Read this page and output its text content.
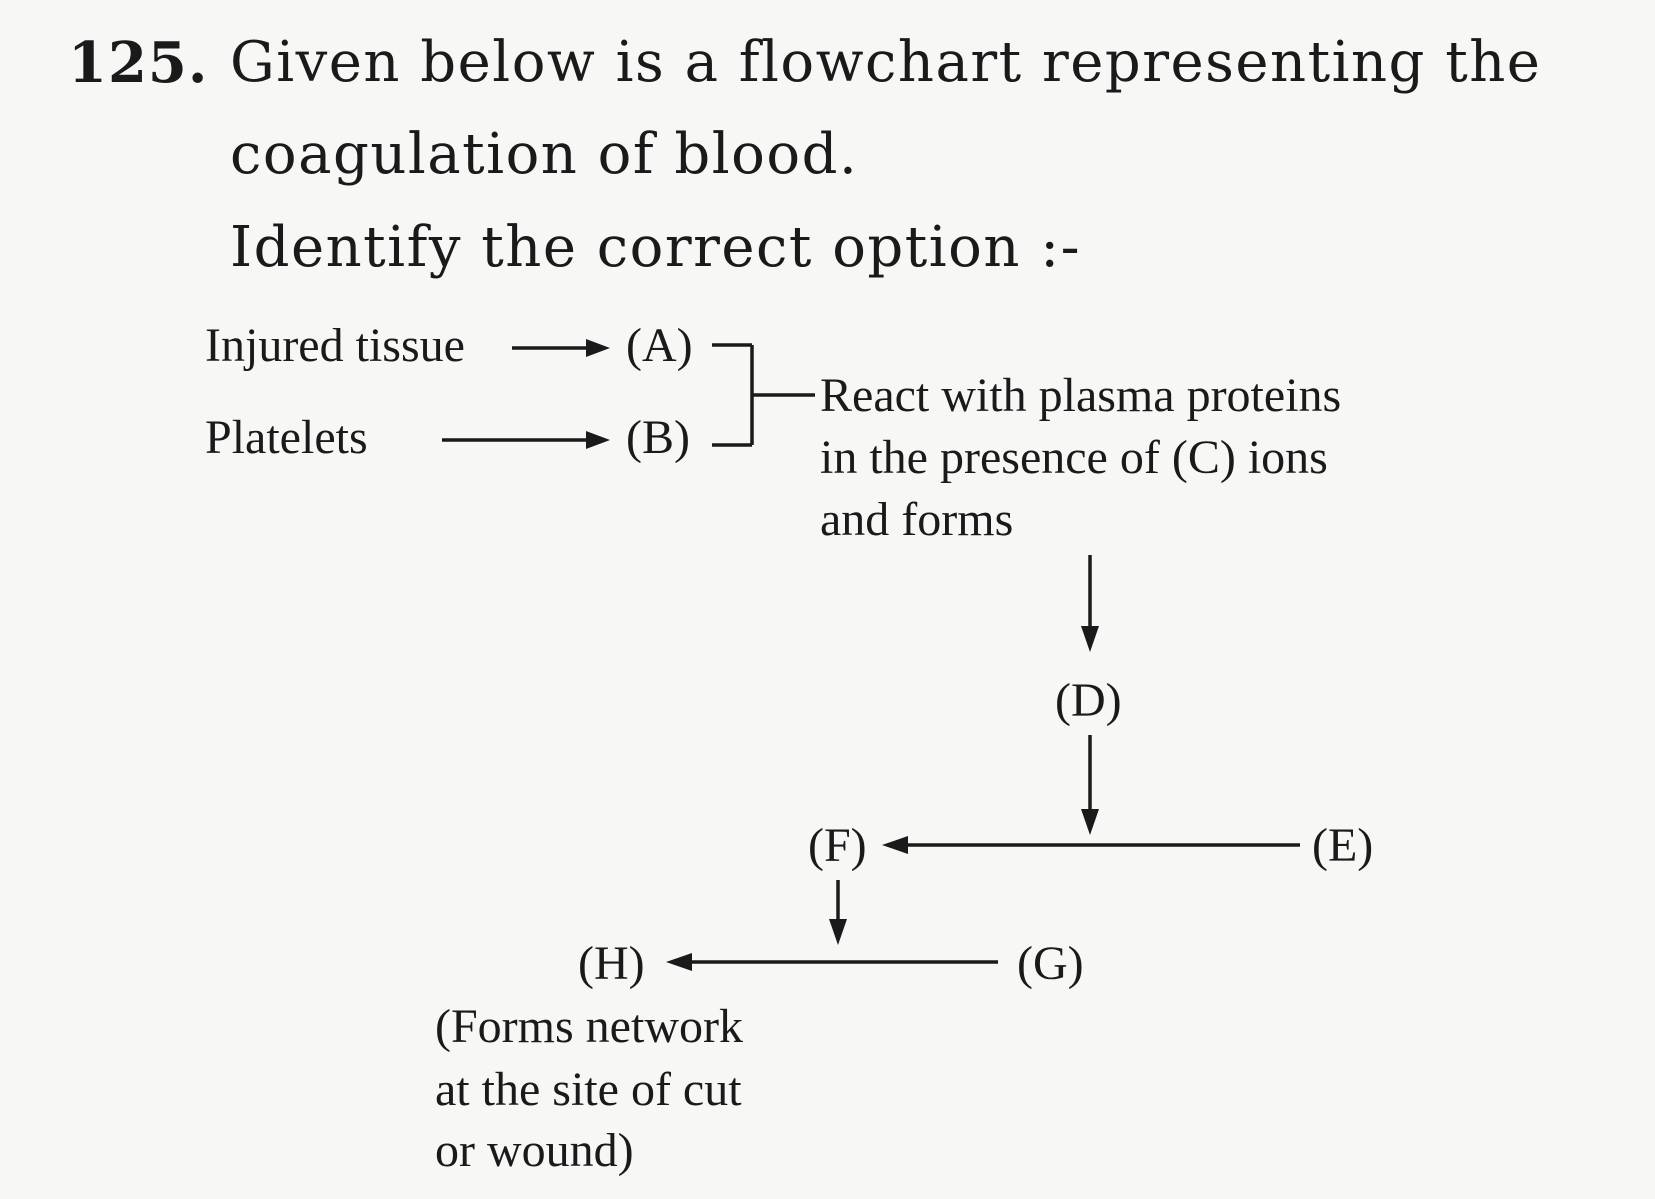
125. Given below is a flowchart representing the
coagulation of blood.
Identify the correct option :-
Injured tissue
Platelets
(A)
(B)
React with plasma proteins
in the presence of (C) ions
and forms
(D)
(E)
(F)
(G)
(H)
(Forms network
at the site of cut
or wound)
